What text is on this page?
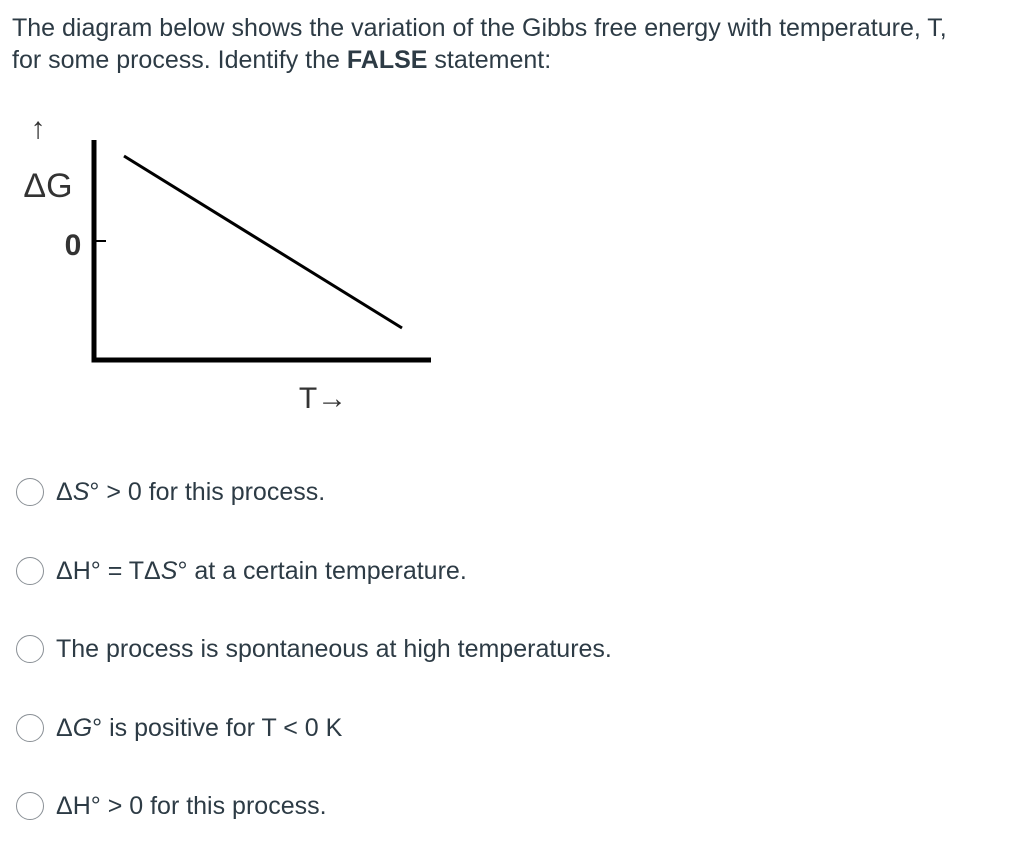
The diagram below shows the variation of the Gibbs free energy with temperature, T,
for some process. Identify the FALSE statement:

↑
ΔG
0
T→
ΔS° > 0 for this process.
ΔH° = TΔS° at a certain temperature.
The process is spontaneous at high temperatures.
ΔG° is positive for T < 0 K
ΔH° > 0 for this process.
